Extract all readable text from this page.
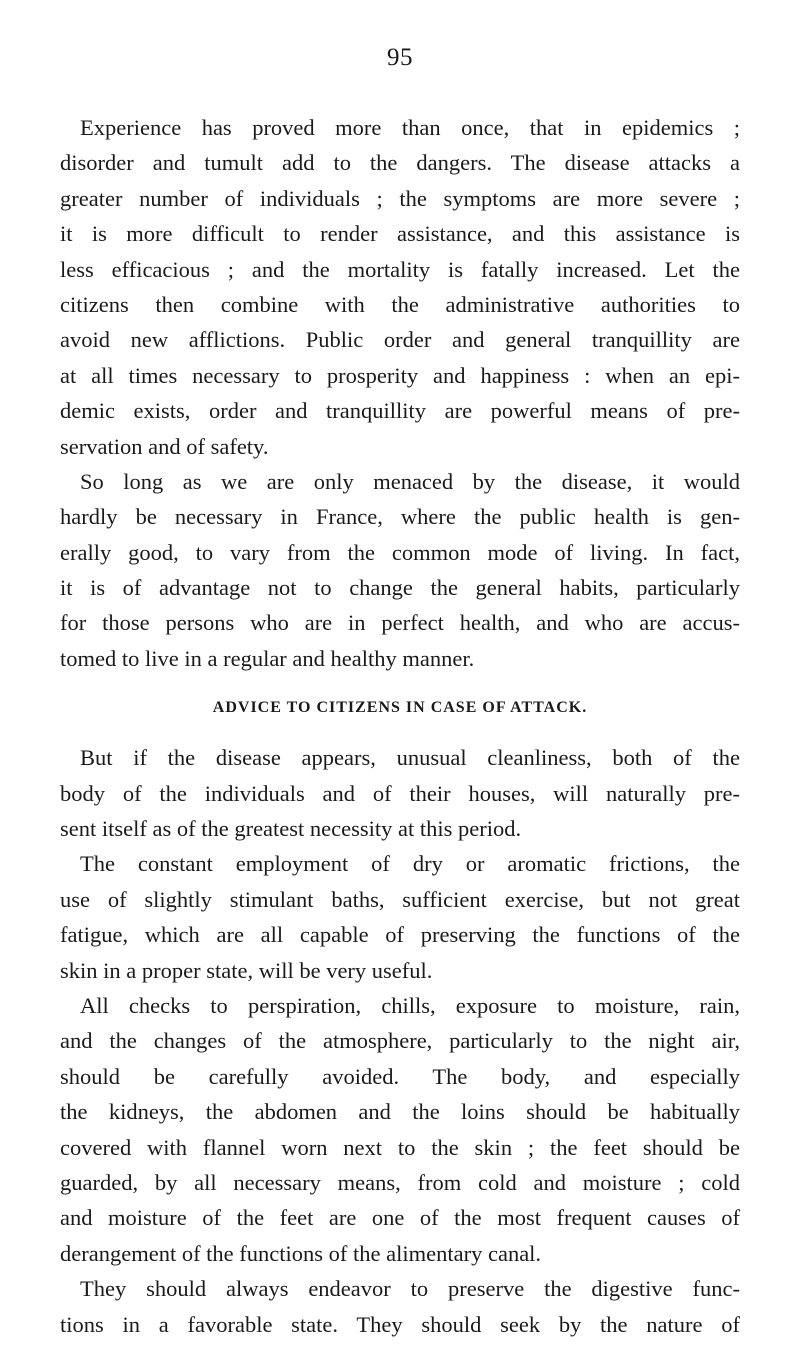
95
Experience has proved more than once, that in epidemics ;
disorder and tumult add to the dangers. The disease attacks a
greater number of individuals ; the symptoms are more severe ;
it is more difficult to render assistance, and this assistance is
less efficacious ; and the mortality is fatally increased. Let the
citizens then combine with the administrative authorities to
avoid new afflictions. Public order and general tranquillity are
at all times necessary to prosperity and happiness : when an epi-
demic exists, order and tranquillity are powerful means of pre-
servation and of safety.
So long as we are only menaced by the disease, it would
hardly be necessary in France, where the public health is gen-
erally good, to vary from the common mode of living. In fact,
it is of advantage not to change the general habits, particularly
for those persons who are in perfect health, and who are accus-
tomed to live in a regular and healthy manner.
ADVICE TO CITIZENS IN CASE OF ATTACK.
But if the disease appears, unusual cleanliness, both of the
body of the individuals and of their houses, will naturally pre-
sent itself as of the greatest necessity at this period.
The constant employment of dry or aromatic frictions, the
use of slightly stimulant baths, sufficient exercise, but not great
fatigue, which are all capable of preserving the functions of the
skin in a proper state, will be very useful.
All checks to perspiration, chills, exposure to moisture, rain,
and the changes of the atmosphere, particularly to the night air,
should be carefully avoided. The body, and especially
the kidneys, the abdomen and the loins should be habitually
covered with flannel worn next to the skin ; the feet should be
guarded, by all necessary means, from cold and moisture ; cold
and moisture of the feet are one of the most frequent causes of
derangement of the functions of the alimentary canal.
They should always endeavor to preserve the digestive func-
tions in a favorable state. They should seek by the nature of
